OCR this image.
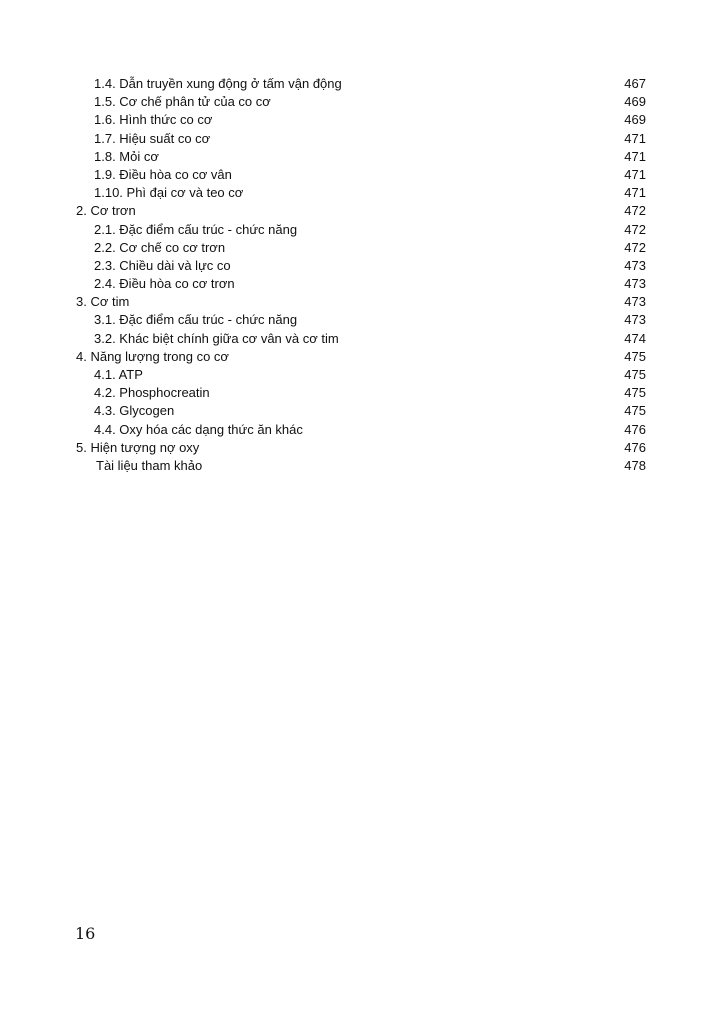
1.4. Dẫn truyền xung động ở tấm vận động	467
1.5. Cơ chế phân tử của co cơ	469
1.6. Hình thức co cơ	469
1.7. Hiệu suất co cơ	471
1.8. Mỏi cơ	471
1.9. Điều hòa co cơ vân	471
1.10. Phì đại cơ và teo cơ	471
2. Cơ trơn	472
2.1. Đặc điểm cấu trúc - chức năng	472
2.2. Cơ chế co cơ trơn	472
2.3. Chiều dài và lực co	473
2.4. Điều hòa co cơ trơn	473
3. Cơ tim	473
3.1. Đặc điểm cấu trúc - chức năng	473
3.2. Khác biệt chính giữa cơ vân và cơ tim	474
4. Năng lượng trong co cơ	475
4.1. ATP	475
4.2. Phosphocreatin	475
4.3. Glycogen	475
4.4. Oxy hóa các dạng thức ăn khác	476
5. Hiện tượng nợ oxy	476
Tài liệu tham khảo	478
16
